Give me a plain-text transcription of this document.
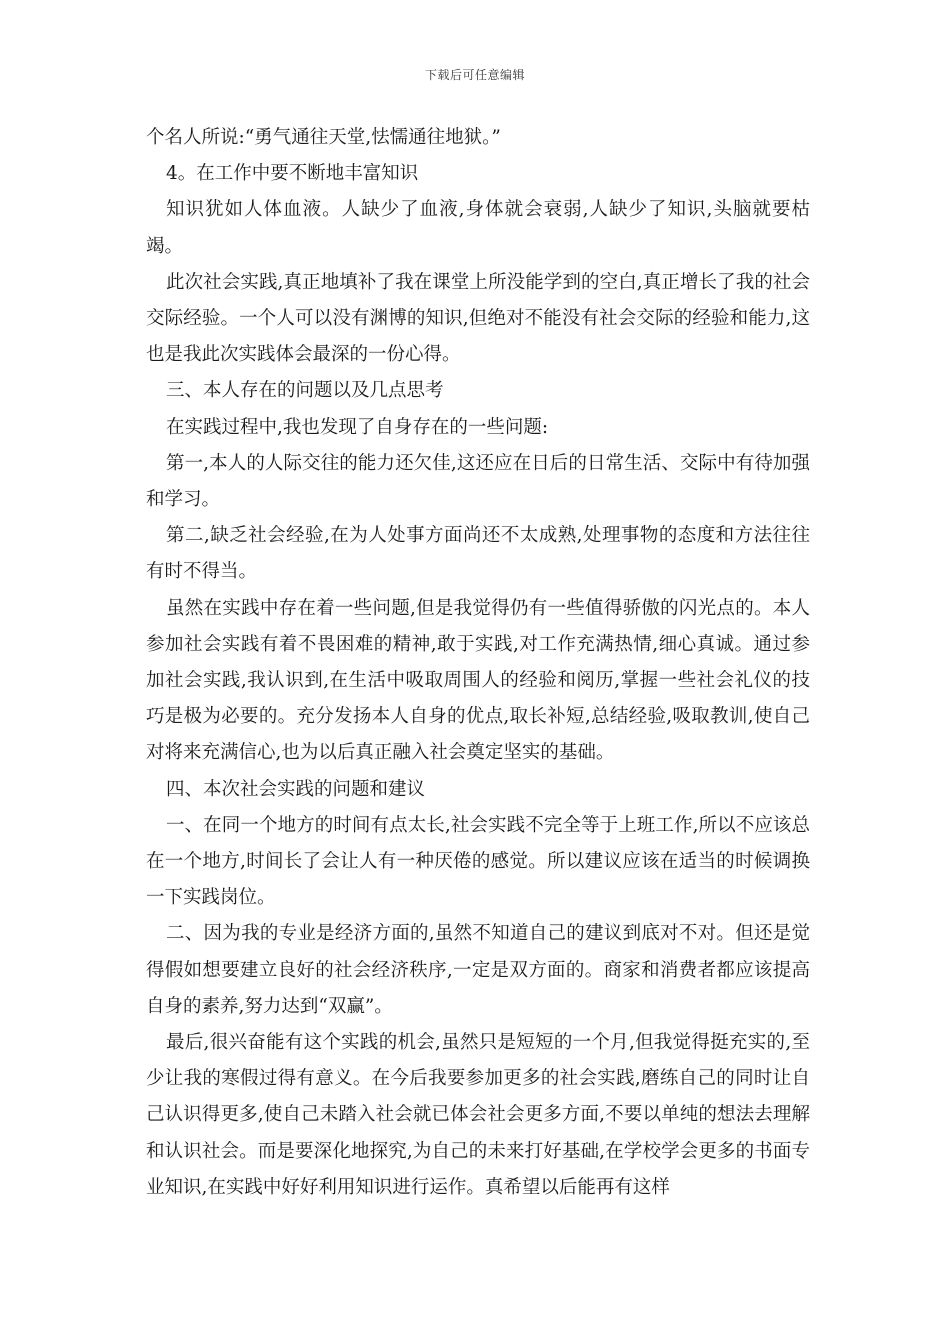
下载后可任意编辑

个名人所说:“勇气通往天堂,怯懦通往地狱。”

4。在工作中要不断地丰富知识

知识犹如人体血液。人缺少了血液,身体就会衰弱,人缺少了知识,头脑就要枯竭。

此次社会实践,真正地填补了我在课堂上所没能学到的空白,真正增长了我的社会交际经验。一个人可以没有渊博的知识,但绝对不能没有社会交际的经验和能力,这也是我此次实践体会最深的一份心得。

三、本人存在的问题以及几点思考

在实践过程中,我也发现了自身存在的一些问题:

第一,本人的人际交往的能力还欠佳,这还应在日后的日常生活、交际中有待加强和学习。

第二,缺乏社会经验,在为人处事方面尚还不太成熟,处理事物的态度和方法往往有时不得当。

虽然在实践中存在着一些问题,但是我觉得仍有一些值得骄傲的闪光点的。本人参加社会实践有着不畏困难的精神,敢于实践,对工作充满热情,细心真诚。通过参加社会实践,我认识到,在生活中吸取周围人的经验和阅历,掌握一些社会礼仪的技巧是极为必要的。充分发扬本人自身的优点,取长补短,总结经验,吸取教训,使自己对将来充满信心,也为以后真正融入社会奠定坚实的基础。

四、本次社会实践的问题和建议

一、在同一个地方的时间有点太长,社会实践不完全等于上班工作,所以不应该总在一个地方,时间长了会让人有一种厌倦的感觉。所以建议应该在适当的时候调换一下实践岗位。

二、因为我的专业是经济方面的,虽然不知道自己的建议到底对不对。但还是觉得假如想要建立良好的社会经济秩序,一定是双方面的。商家和消费者都应该提高自身的素养,努力达到“双赢”。

最后,很兴奋能有这个实践的机会,虽然只是短短的一个月,但我觉得挺充实的,至少让我的寒假过得有意义。在今后我要参加更多的社会实践,磨练自己的同时让自己认识得更多,使自己未踏入社会就已体会社会更多方面,不要以单纯的想法去理解和认识社会。而是要深化地探究,为自己的未来打好基础,在学校学会更多的书面专业知识,在实践中好好利用知识进行运作。真希望以后能再有这样
